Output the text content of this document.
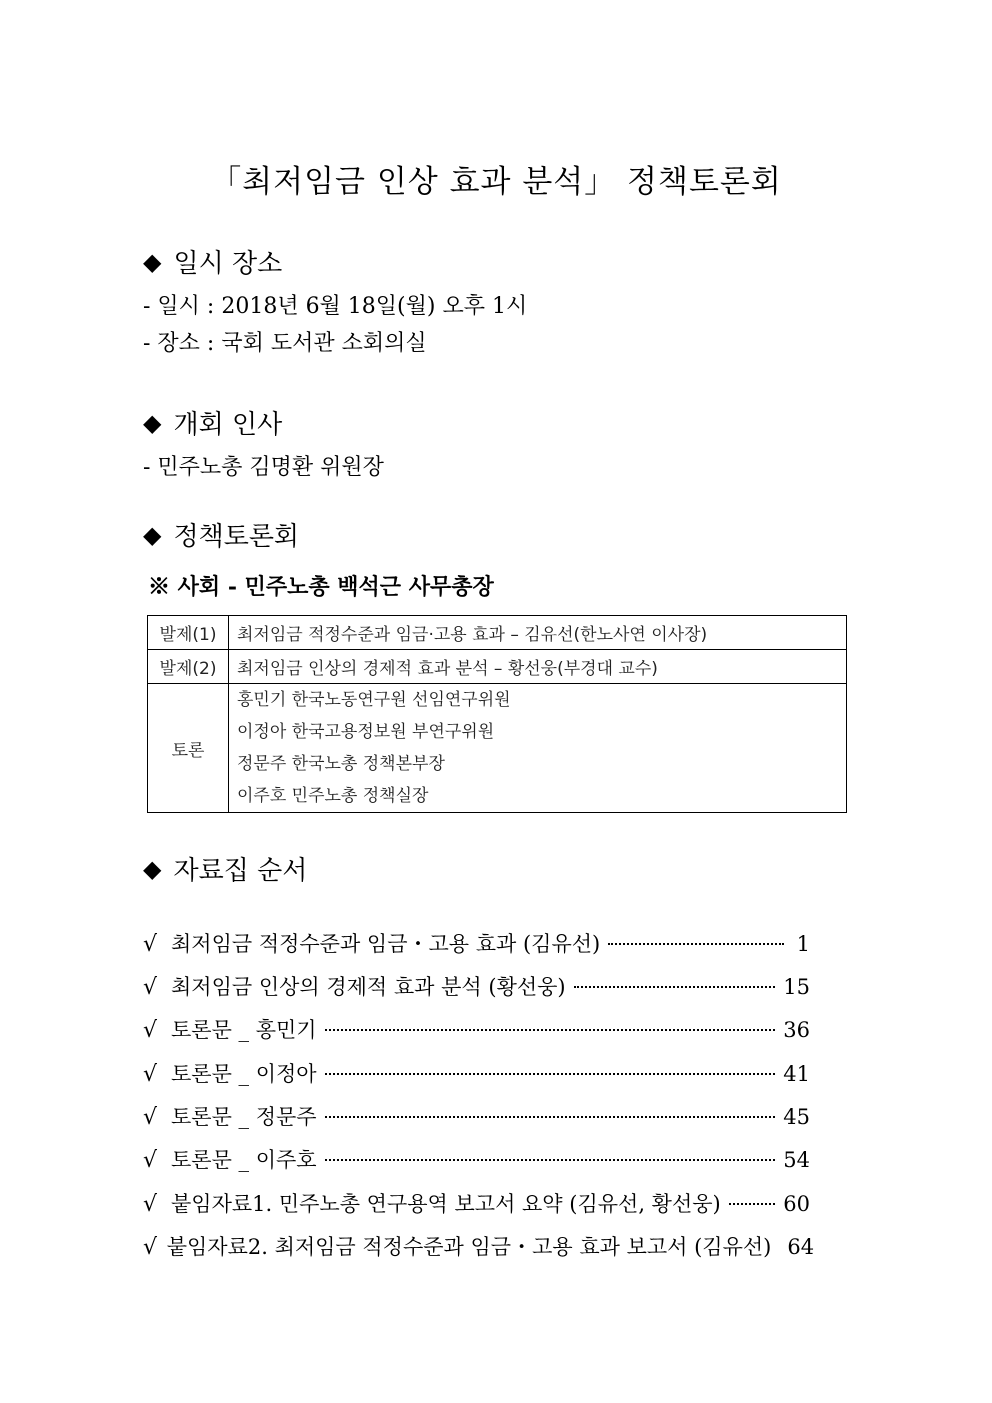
「최저임금 인상 효과 분석」 정책토론회
◆ 일시 장소
- 일시 : 2018년 6월 18일(월) 오후 1시
- 장소 : 국회 도서관 소회의실
◆ 개회 인사
- 민주노총 김명환 위원장
◆ 정책토론회
※ 사회 - 민주노총 백석근 사무총장
발제(1)	최저임금 적정수준과 임금·고용 효과 – 김유선(한노사연 이사장)
발제(2)	최저임금 인상의 경제적 효과 분석 – 황선웅(부경대 교수)
토론	홍민기 한국노동연구원 선임연구위원
이정아 한국고용정보원 부연구위원
정문주 한국노총 정책본부장
이주호 민주노총 정책실장
◆ 자료집 순서
√ 최저임금 적정수준과 임금・고용 효과 (김유선)	1
√ 최저임금 인상의 경제적 효과 분석 (황선웅)	15
√ 토론문 _ 홍민기	36
√ 토론문 _ 이정아	41
√ 토론문 _ 정문주	45
√ 토론문 _ 이주호	54
√ 붙임자료1. 민주노총 연구용역 보고서 요약 (김유선, 황선웅)	60
√ 붙임자료2. 최저임금 적정수준과 임금・고용 효과 보고서 (김유선) 64
